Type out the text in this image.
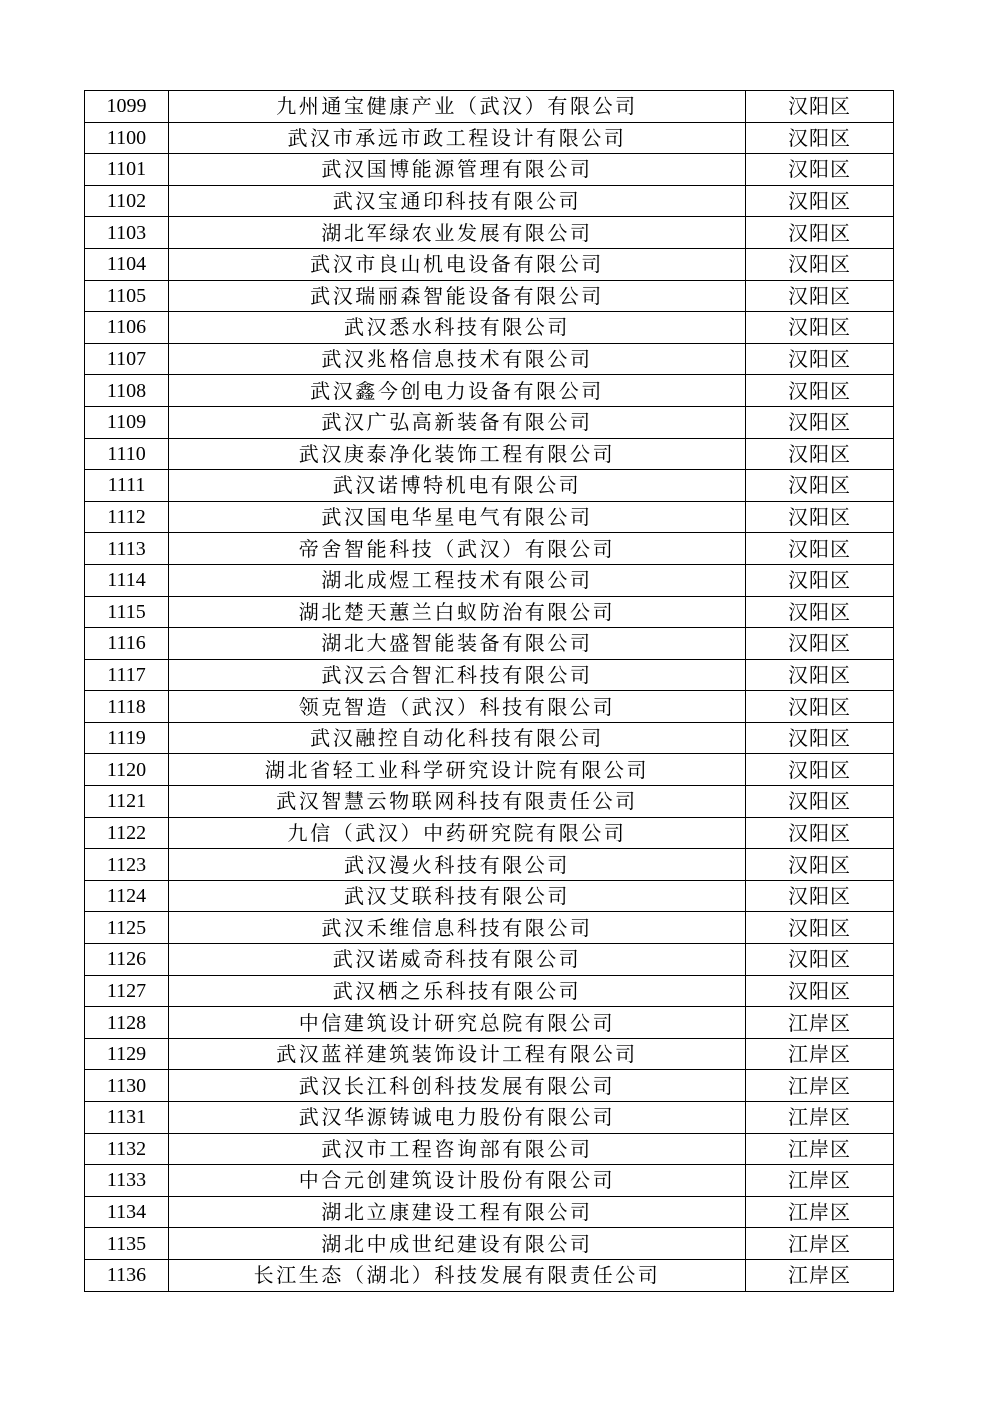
1099	九州通宝健康产业（武汉）有限公司	汉阳区
1100	武汉市承远市政工程设计有限公司	汉阳区
1101	武汉国博能源管理有限公司	汉阳区
1102	武汉宝通印科技有限公司	汉阳区
1103	湖北军绿农业发展有限公司	汉阳区
1104	武汉市良山机电设备有限公司	汉阳区
1105	武汉瑞丽森智能设备有限公司	汉阳区
1106	武汉悉水科技有限公司	汉阳区
1107	武汉兆格信息技术有限公司	汉阳区
1108	武汉鑫今创电力设备有限公司	汉阳区
1109	武汉广弘高新装备有限公司	汉阳区
1110	武汉庚泰净化装饰工程有限公司	汉阳区
1111	武汉诺博特机电有限公司	汉阳区
1112	武汉国电华星电气有限公司	汉阳区
1113	帝舍智能科技（武汉）有限公司	汉阳区
1114	湖北成煜工程技术有限公司	汉阳区
1115	湖北楚天蕙兰白蚁防治有限公司	汉阳区
1116	湖北大盛智能装备有限公司	汉阳区
1117	武汉云合智汇科技有限公司	汉阳区
1118	领克智造（武汉）科技有限公司	汉阳区
1119	武汉融控自动化科技有限公司	汉阳区
1120	湖北省轻工业科学研究设计院有限公司	汉阳区
1121	武汉智慧云物联网科技有限责任公司	汉阳区
1122	九信（武汉）中药研究院有限公司	汉阳区
1123	武汉漫火科技有限公司	汉阳区
1124	武汉艾联科技有限公司	汉阳区
1125	武汉禾维信息科技有限公司	汉阳区
1126	武汉诺威奇科技有限公司	汉阳区
1127	武汉栖之乐科技有限公司	汉阳区
1128	中信建筑设计研究总院有限公司	江岸区
1129	武汉蓝祥建筑装饰设计工程有限公司	江岸区
1130	武汉长江科创科技发展有限公司	江岸区
1131	武汉华源铸诚电力股份有限公司	江岸区
1132	武汉市工程咨询部有限公司	江岸区
1133	中合元创建筑设计股份有限公司	江岸区
1134	湖北立康建设工程有限公司	江岸区
1135	湖北中成世纪建设有限公司	江岸区
1136	长江生态（湖北）科技发展有限责任公司	江岸区
